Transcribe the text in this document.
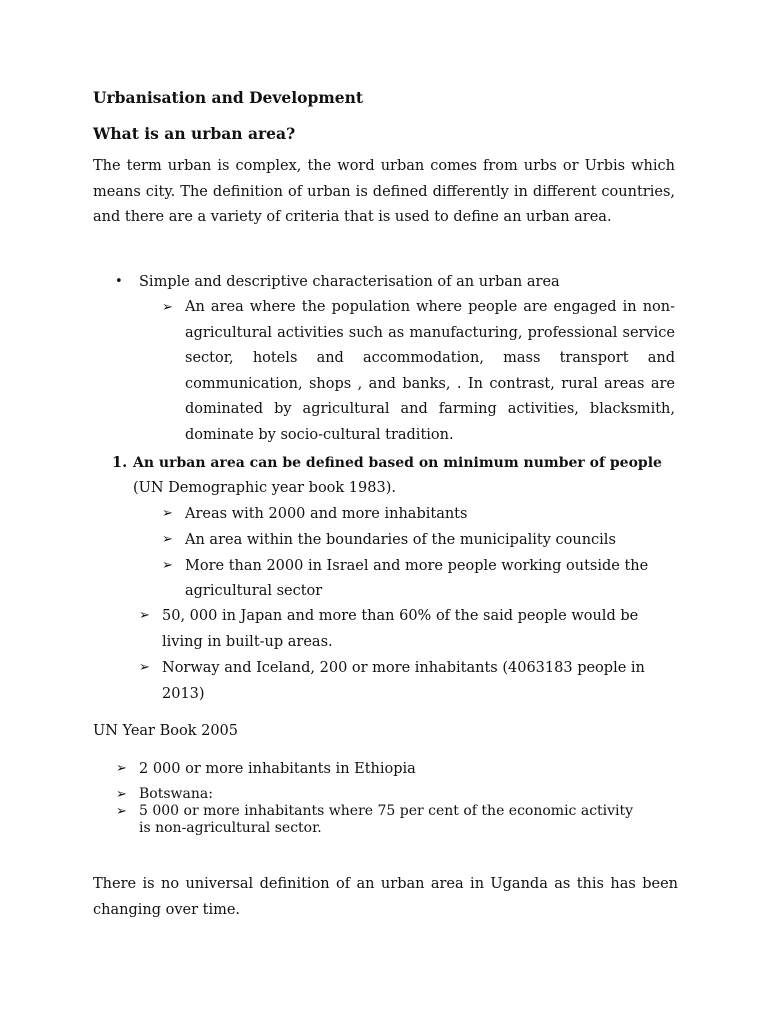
Urbanisation and Development
What is an urban area?

The term urban is complex, the word urban comes from urbs or Urbis which means city. The definition of urban is defined differently in different countries, and there are a variety of criteria that is used to define an urban area.

• Simple and descriptive characterisation of an urban area
➢ An area where the population where people are engaged in non-agricultural activities such as manufacturing, professional service sector, hotels and accommodation, mass transport and communication, shops , and banks, . In contrast, rural areas are dominated by agricultural and farming activities, blacksmith, dominate by socio-cultural tradition.

1. An urban area can be defined based on minimum number of people
(UN Demographic year book 1983).
➢ Areas with 2000 and more inhabitants
➢ An area within the boundaries of the municipality councils
➢ More than 2000 in Israel and more people working outside the
agricultural sector
➢ 50, 000 in Japan and more than 60% of the said people would be
living in built-up areas.
➢ Norway and Iceland, 200 or more inhabitants (4063183 people in
2013)
UN Year Book 2005
➢ 2 000 or more inhabitants in Ethiopia
➢ Botswana:
➢ 5 000 or more inhabitants where 75 per cent of the economic activity
is non-agricultural sector.

There is no universal definition of an urban area in Uganda as this has been changing over time.
